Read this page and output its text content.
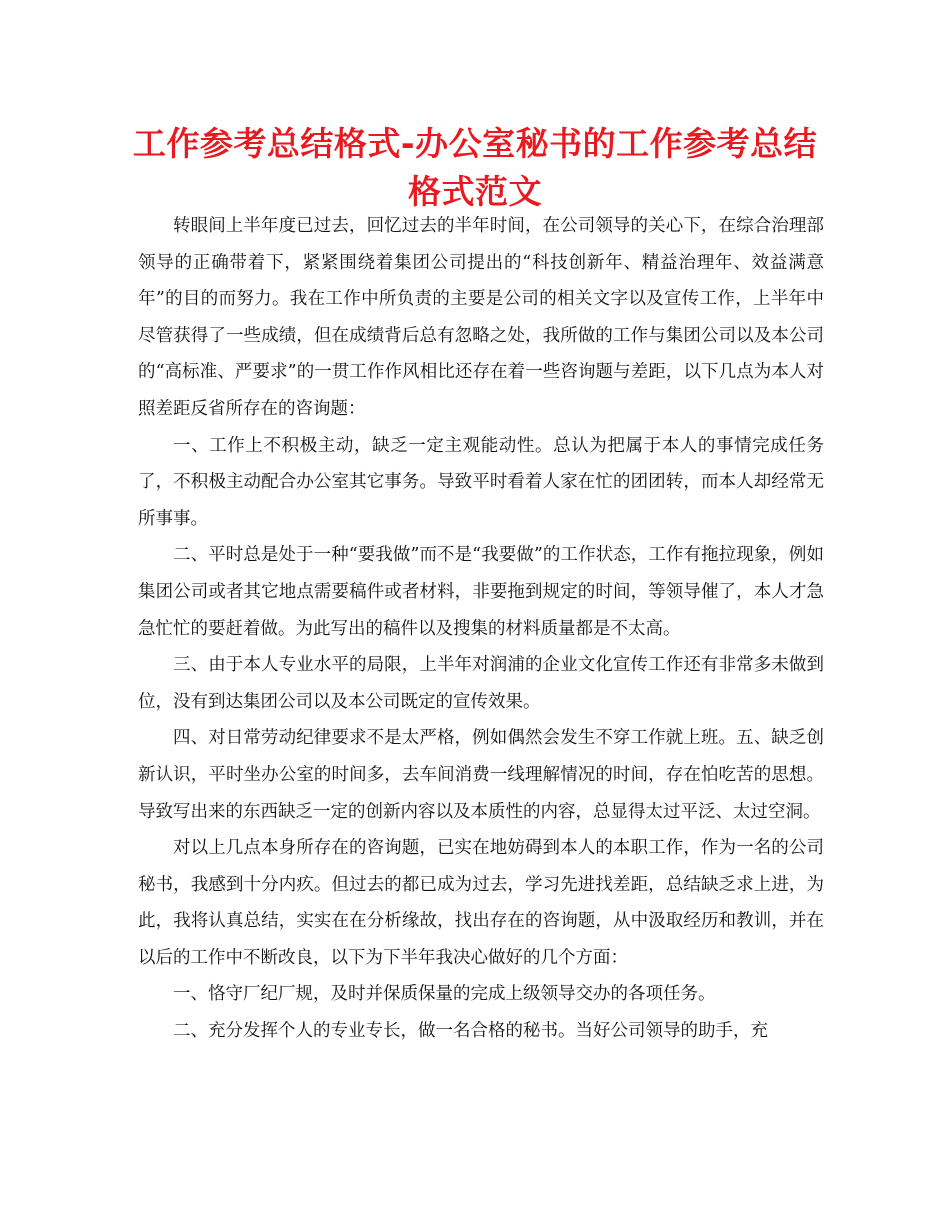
工作参考总结格式-办公室秘书的工作参考总结格式范文

转眼间上半年度已过去，回忆过去的半年时间，在公司领导的关心下，在综合治理部领导的正确带着下，紧紧围绕着集团公司提出的“科技创新年、精益治理年、效益满意年”的目的而努力。我在工作中所负责的主要是公司的相关文字以及宣传工作，上半年中尽管获得了一些成绩，但在成绩背后总有忽略之处，我所做的工作与集团公司以及本公司的“高标准、严要求”的一贯工作作风相比还存在着一些咨询题与差距，以下几点为本人对照差距反省所存在的咨询题：

一、工作上不积极主动，缺乏一定主观能动性。总认为把属于本人的事情完成任务了，不积极主动配合办公室其它事务。导致平时看着人家在忙的团团转，而本人却经常无所事事。

二、平时总是处于一种“要我做”而不是“我要做”的工作状态，工作有拖拉现象，例如集团公司或者其它地点需要稿件或者材料，非要拖到规定的时间，等领导催了，本人才急急忙忙的要赶着做。为此写出的稿件以及搜集的材料质量都是不太高。

三、由于本人专业水平的局限，上半年对润浦的企业文化宣传工作还有非常多未做到位，没有到达集团公司以及本公司既定的宣传效果。

四、对日常劳动纪律要求不是太严格，例如偶然会发生不穿工作就上班。五、缺乏创新认识，平时坐办公室的时间多，去车间消费一线理解情况的时间，存在怕吃苦的思想。导致写出来的东西缺乏一定的创新内容以及本质性的内容，总显得太过平泛、太过空洞。

对以上几点本身所存在的咨询题，已实在地妨碍到本人的本职工作，作为一名的公司秘书，我感到十分内疚。但过去的都已成为过去，学习先进找差距，总结缺乏求上进，为此，我将认真总结，实实在在分析缘故，找出存在的咨询题，从中汲取经历和教训，并在以后的工作中不断改良，以下为下半年我决心做好的几个方面：

一、恪守厂纪厂规，及时并保质保量的完成上级领导交办的各项任务。

二、充分发挥个人的专业专长，做一名合格的秘书。当好公司领导的助手，充
